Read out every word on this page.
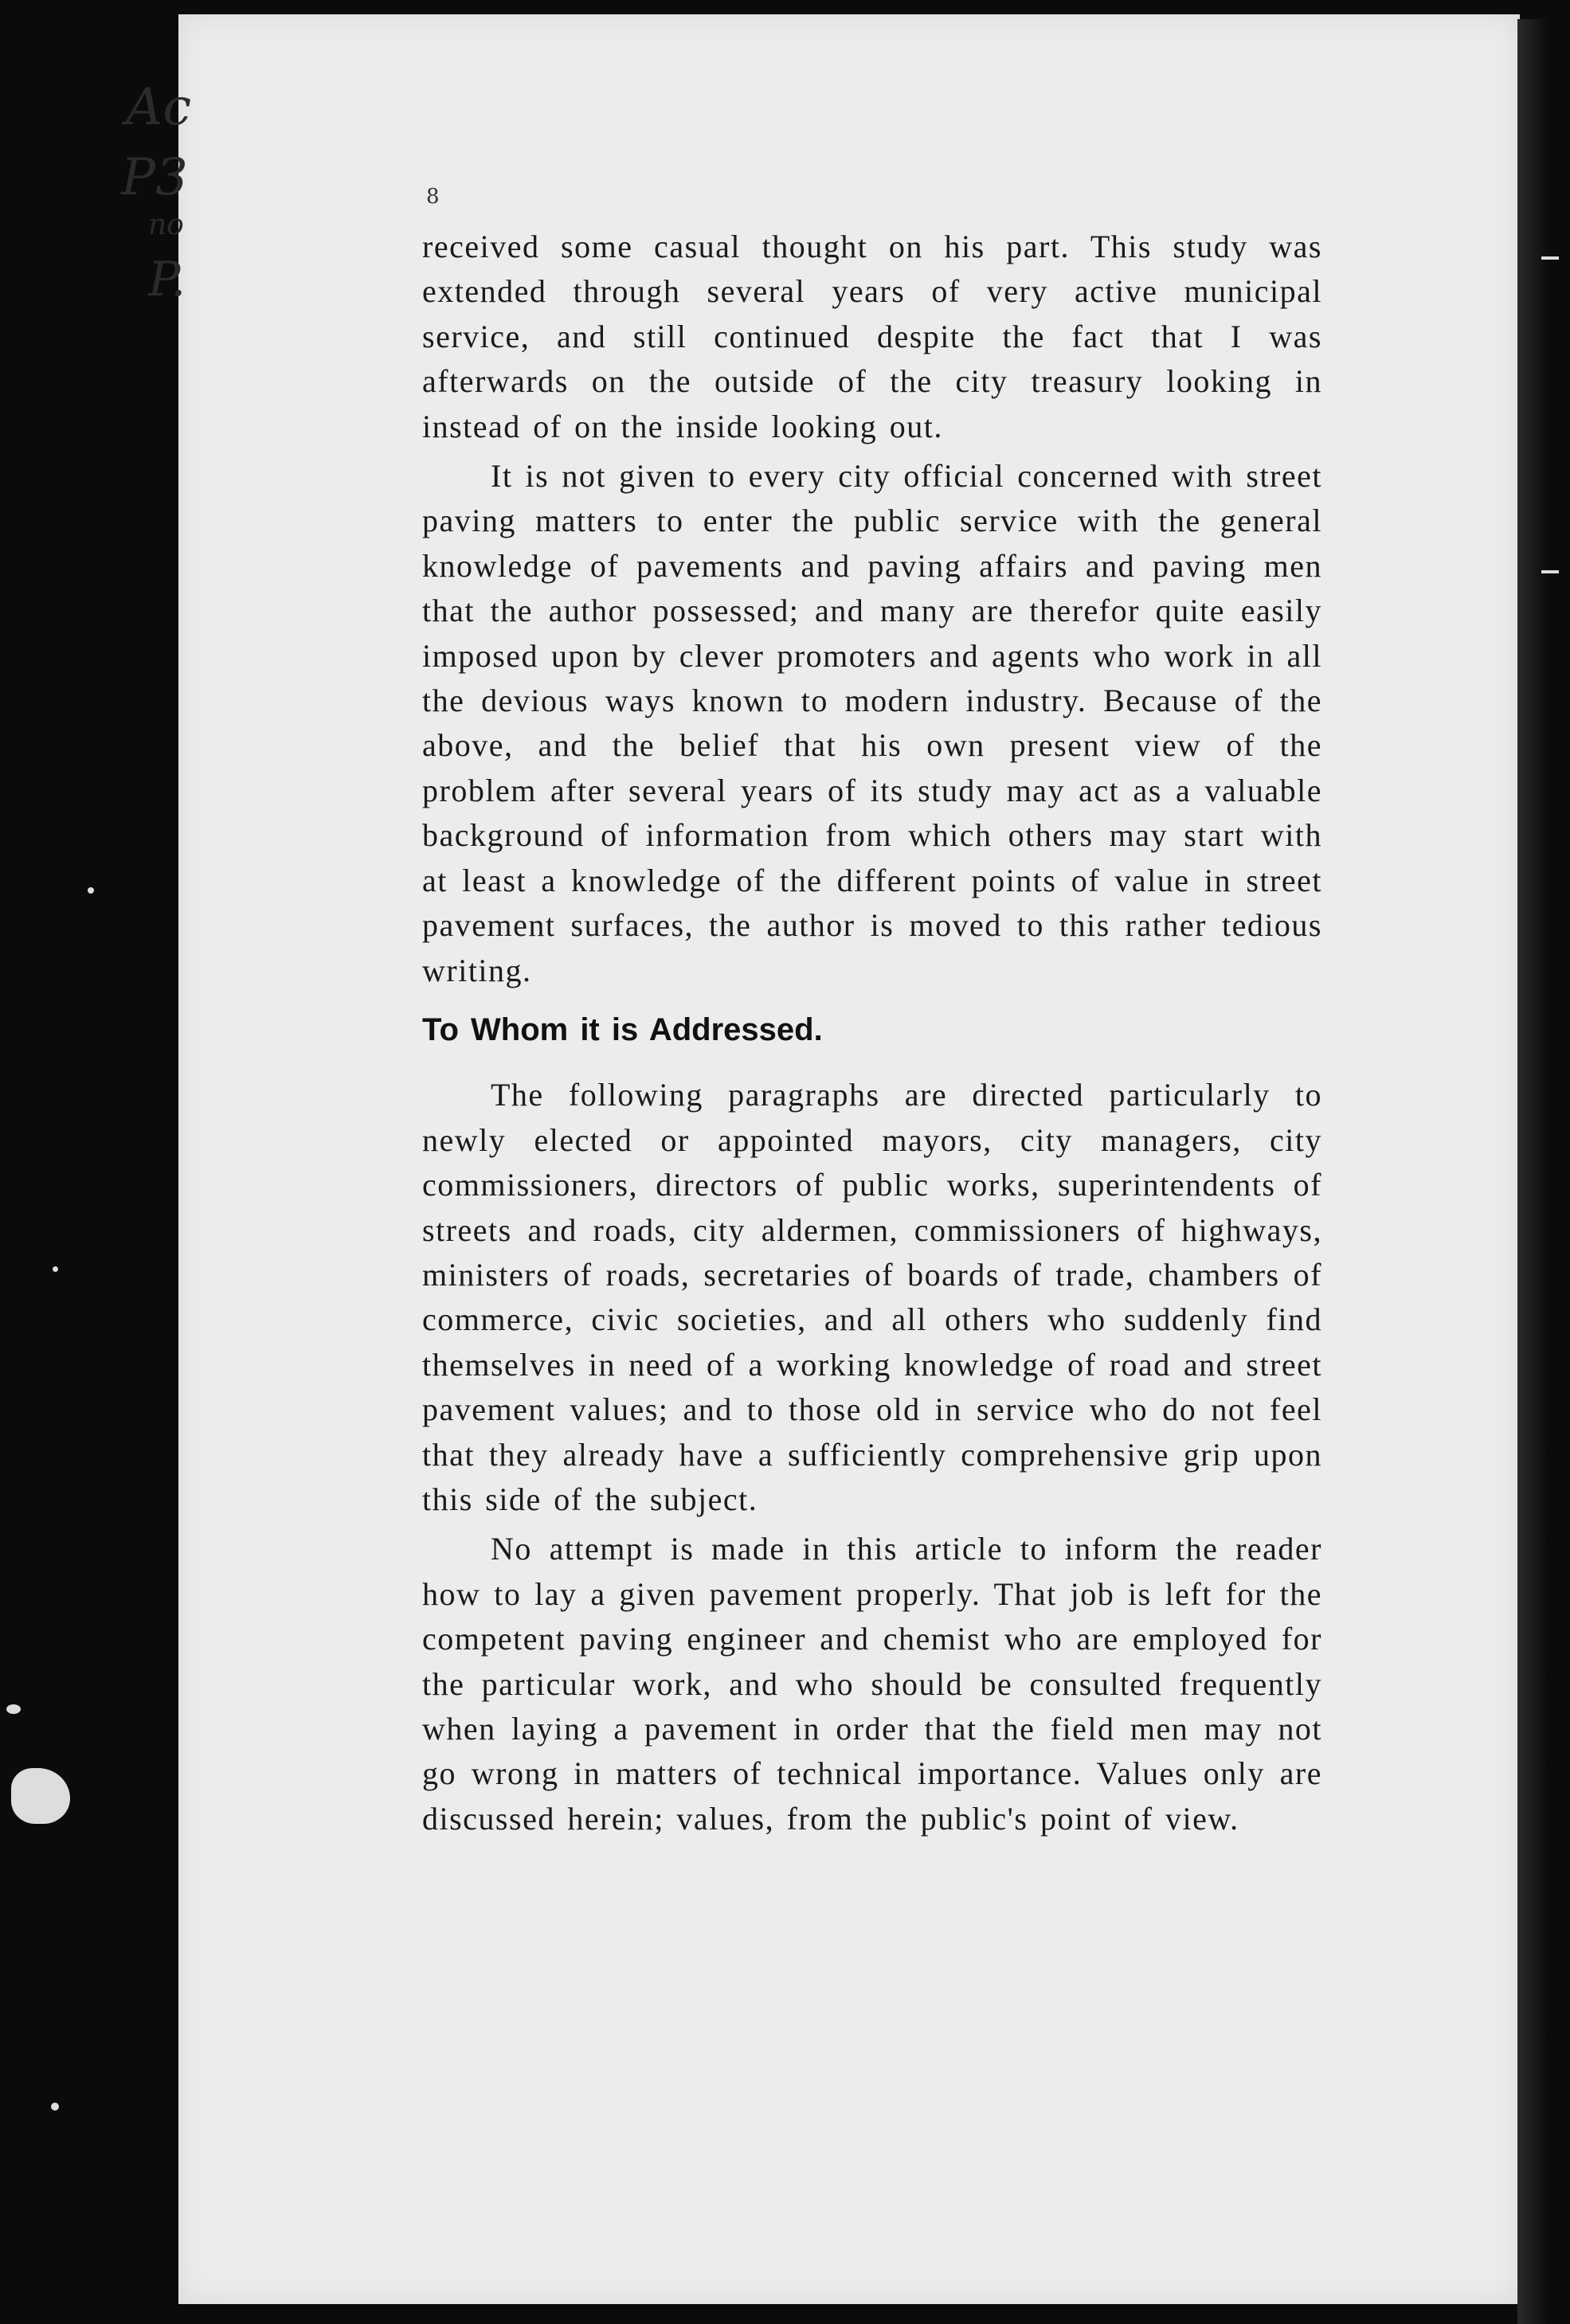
Ac
P3
no
P.
8

received some casual thought on his part. This study was extended through several years of very active municipal service, and still continued despite the fact that I was afterwards on the outside of the city treasury looking in instead of on the inside looking out.

It is not given to every city official concerned with street paving matters to enter the public service with the general knowledge of pavements and paving affairs and paving men that the author possessed; and many are therefor quite easily imposed upon by clever promoters and agents who work in all the devious ways known to modern industry. Because of the above, and the belief that his own present view of the problem after several years of its study may act as a valuable background of information from which others may start with at least a knowledge of the different points of value in street pavement surfaces, the author is moved to this rather tedious writing.

To Whom it is Addressed.

The following paragraphs are directed particularly to newly elected or appointed mayors, city managers, city commissioners, directors of public works, superintendents of streets and roads, city aldermen, commissioners of highways, ministers of roads, secretaries of boards of trade, chambers of commerce, civic societies, and all others who suddenly find themselves in need of a working knowledge of road and street pavement values; and to those old in service who do not feel that they already have a sufficiently comprehensive grip upon this side of the subject.

No attempt is made in this article to inform the reader how to lay a given pavement properly. That job is left for the competent paving engineer and chemist who are employed for the particular work, and who should be consulted frequently when laying a pavement in order that the field men may not go wrong in matters of technical importance. Values only are discussed herein; values, from the public's point of view.
